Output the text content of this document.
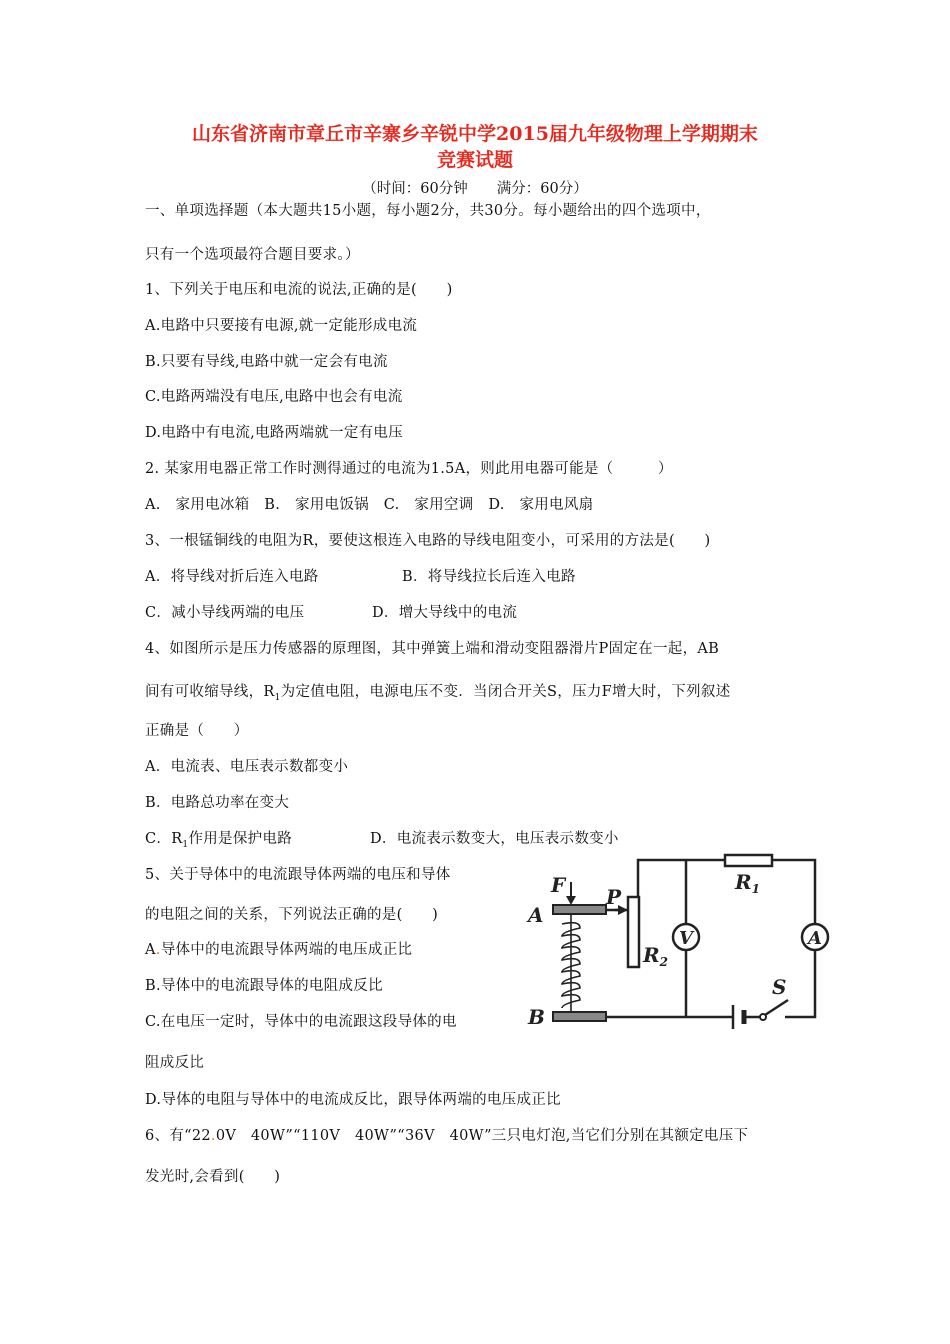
山东省济南市章丘市辛寨乡辛锐中学2015届九年级物理上学期期末
竞赛试题
（时间：60分钟　　满分：60分）
一、单项选择题（本大题共15小题，每小题2分，共30分。每小题给出的四个选项中，
只有一个选项最符合题目要求。）
1、下列关于电压和电流的说法,正确的是(　　)
A.电路中只要接有电源,就一定能形成电流
B.只要有导线,电路中就一定会有电流
C.电路两端没有电压,电路中也会有电流
D.电路中有电流,电路两端就一定有电压
2. 某家用电器正常工作时测得通过的电流为1.5A，则此用电器可能是（　　　）
A.　家用电冰箱　B.　家用电饭锅　C.　家用空调　D.　家用电风扇
3、一根锰铜线的电阻为R，要使这根连入电路的导线电阻变小，可采用的方法是(　　)
A．将导线对折后连入电路	B．将导线拉长后连入电路
C．减小导线两端的电压	D．增大导线中的电流
4、如图所示是压力传感器的原理图，其中弹簧上端和滑动变阻器滑片P固定在一起，AB
间有可收缩导线，$R_1$为定值电阻，电源电压不变．当闭合开关S，压力F增大时，下列叙述
正确是（　　）
A．电流表、电压表示数都变小
B．电路总功率在变大
C．$R_1$作用是保护电路	D．电流表示数变大，电压表示数变小
5、关于导体中的电流跟导体两端的电压和导体
的电阻之间的关系，下列说法正确的是(　　)
A.导体中的电流跟导体两端的电压成正比
B.导体中的电流跟导体的电阻成反比
C.在电压一定时，导体中的电流跟这段导体的电
阻成反比
D.导体的电阻与导体中的电流成反比，跟导体两端的电压成正比
6、有“22.0V　40W”“110V　40W”“36V　40W”三只电灯泡,当它们分别在其额定电压下
发光时,会看到(　　)
F P
A
B
$R_1$
$R_2$
V	A
S
